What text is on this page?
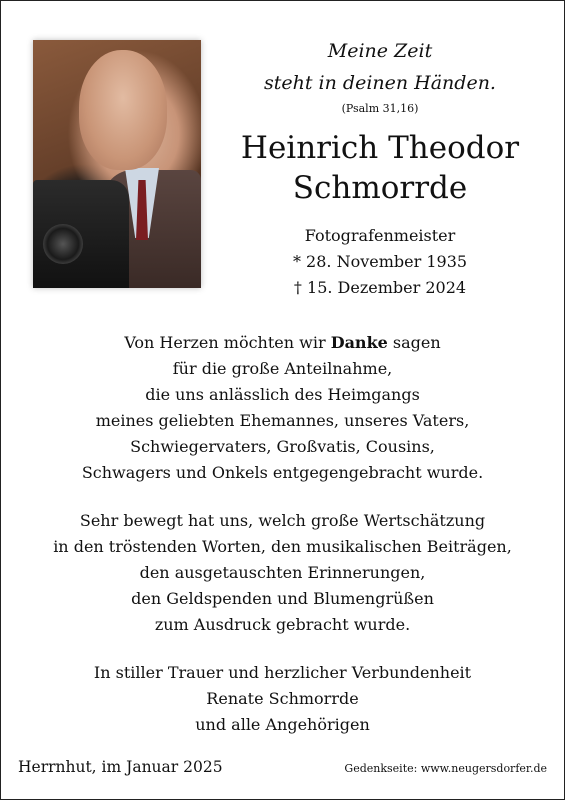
Meine Zeit
steht in deinen Händen.
(Psalm 31,16)
Heinrich Theodor
Schmorrde
Fotografenmeister
* 28. November 1935
† 15. Dezember 2024
Von Herzen möchten wir Danke sagen
für die große Anteilnahme,
die uns anlässlich des Heimgangs
meines geliebten Ehemannes, unseres Vaters,
Schwiegervaters, Großvatis, Cousins,
Schwagers und Onkels entgegengebracht wurde.
Sehr bewegt hat uns, welch große Wertschätzung
in den tröstenden Worten, den musikalischen Beiträgen,
den ausgetauschten Erinnerungen,
den Geldspenden und Blumengrüßen
zum Ausdruck gebracht wurde.
In stiller Trauer und herzlicher Verbundenheit
Renate Schmorrde
und alle Angehörigen
Herrnhut, im Januar 2025	Gedenkseite: www.neugersdorfer.de
